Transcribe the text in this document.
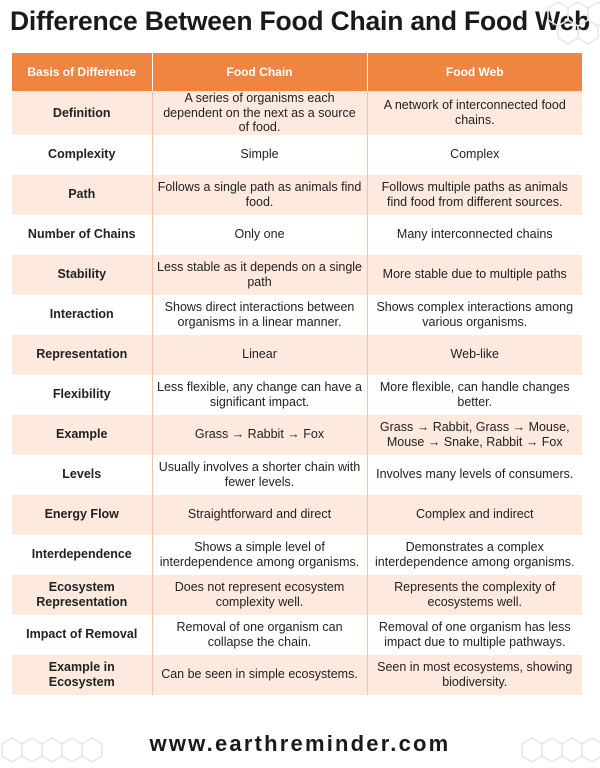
Difference Between Food Chain and Food Web
Basis of Difference	Food Chain	Food Web
Definition	A series of organisms each dependent on the next as a source of food.	A network of interconnected food chains.
Complexity	Simple	Complex
Path	Follows a single path as animals find food.	Follows multiple paths as animals find food from different sources.
Number of Chains	Only one	Many interconnected chains
Stability	Less stable as it depends on a single path	More stable due to multiple paths
Interaction	Shows direct interactions between organisms in a linear manner.	Shows complex interactions among various organisms.
Representation	Linear	Web-like
Flexibility	Less flexible, any change can have a significant impact.	More flexible, can handle changes better.
Example	Grass → Rabbit → Fox	Grass → Rabbit, Grass → Mouse, Mouse → Snake, Rabbit → Fox
Levels	Usually involves a shorter chain with fewer levels.	Involves many levels of consumers.
Energy Flow	Straightforward and direct	Complex and indirect
Interdependence	Shows a simple level of interdependence among organisms.	Demonstrates a complex interdependence among organisms.
Ecosystem Representation	Does not represent ecosystem complexity well.	Represents the complexity of ecosystems well.
Impact of Removal	Removal of one organism can collapse the chain.	Removal of one organism has less impact due to multiple pathways.
Example in Ecosystem	Can be seen in simple ecosystems.	Seen in most ecosystems, showing biodiversity.
www.earthreminder.com
